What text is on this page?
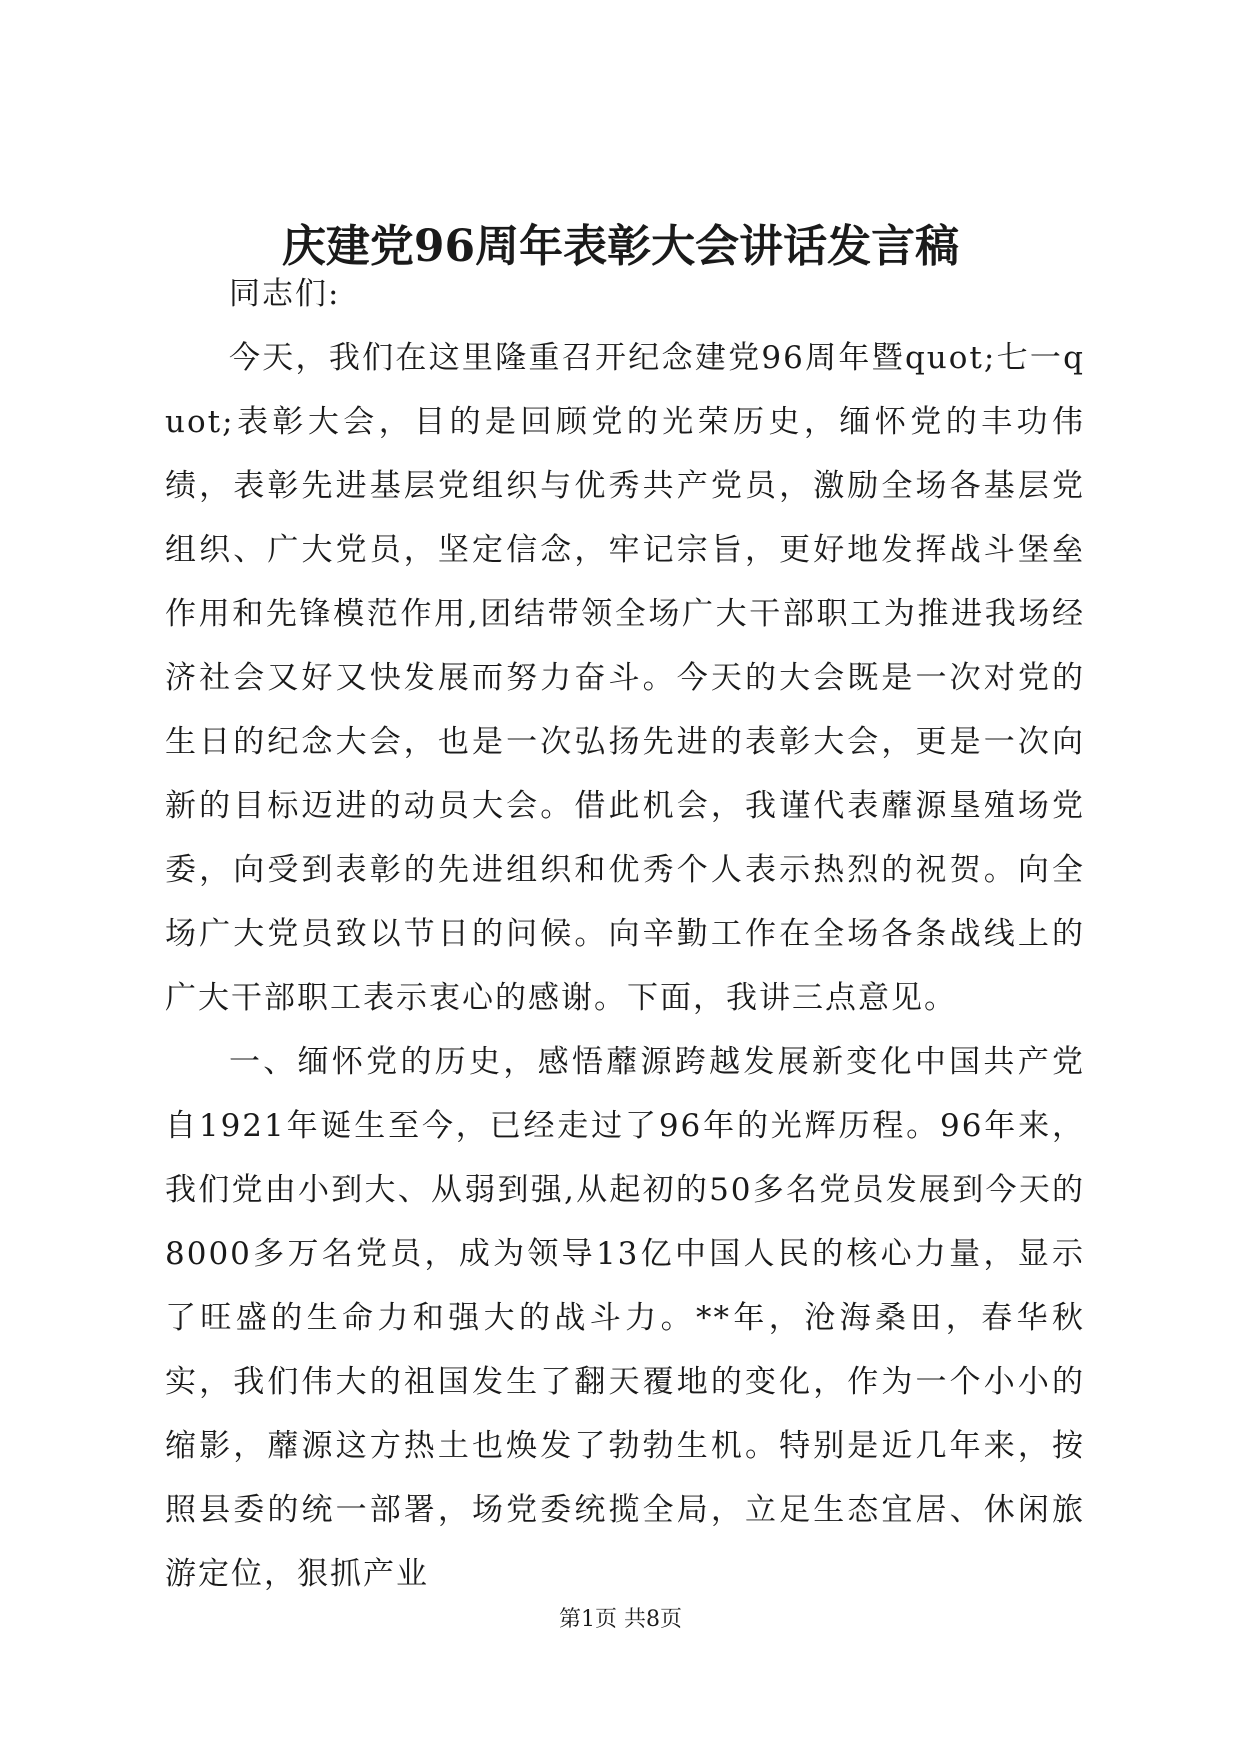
庆建党96周年表彰大会讲话发言稿

同志们:

今天，我们在这里隆重召开纪念建党96周年暨quot;七一quot;表彰大会，目的是回顾党的光荣历史，缅怀党的丰功伟绩，表彰先进基层党组织与优秀共产党员，激励全场各基层党组织、广大党员，坚定信念，牢记宗旨，更好地发挥战斗堡垒作用和先锋模范作用,团结带领全场广大干部职工为推进我场经济社会又好又快发展而努力奋斗。今天的大会既是一次对党的生日的纪念大会，也是一次弘扬先进的表彰大会，更是一次向新的目标迈进的动员大会。借此机会，我谨代表蘼源垦殖场党委，向受到表彰的先进组织和优秀个人表示热烈的祝贺。向全场广大党员致以节日的问候。向辛勤工作在全场各条战线上的广大干部职工表示衷心的感谢。下面，我讲三点意见。

一、缅怀党的历史，感悟蘼源跨越发展新变化中国共产党自1921年诞生至今，已经走过了96年的光辉历程。96年来，我们党由小到大、从弱到强,从起初的50多名党员发展到今天的8000多万名党员，成为领导13亿中国人民的核心力量，显示了旺盛的生命力和强大的战斗力。**年，沧海桑田，春华秋实，我们伟大的祖国发生了翻天覆地的变化，作为一个小小的缩影，蘼源这方热土也焕发了勃勃生机。特别是近几年来，按照县委的统一部署，场党委统揽全局，立足生态宜居、休闲旅游定位，狠抓产业

第1页 共8页
